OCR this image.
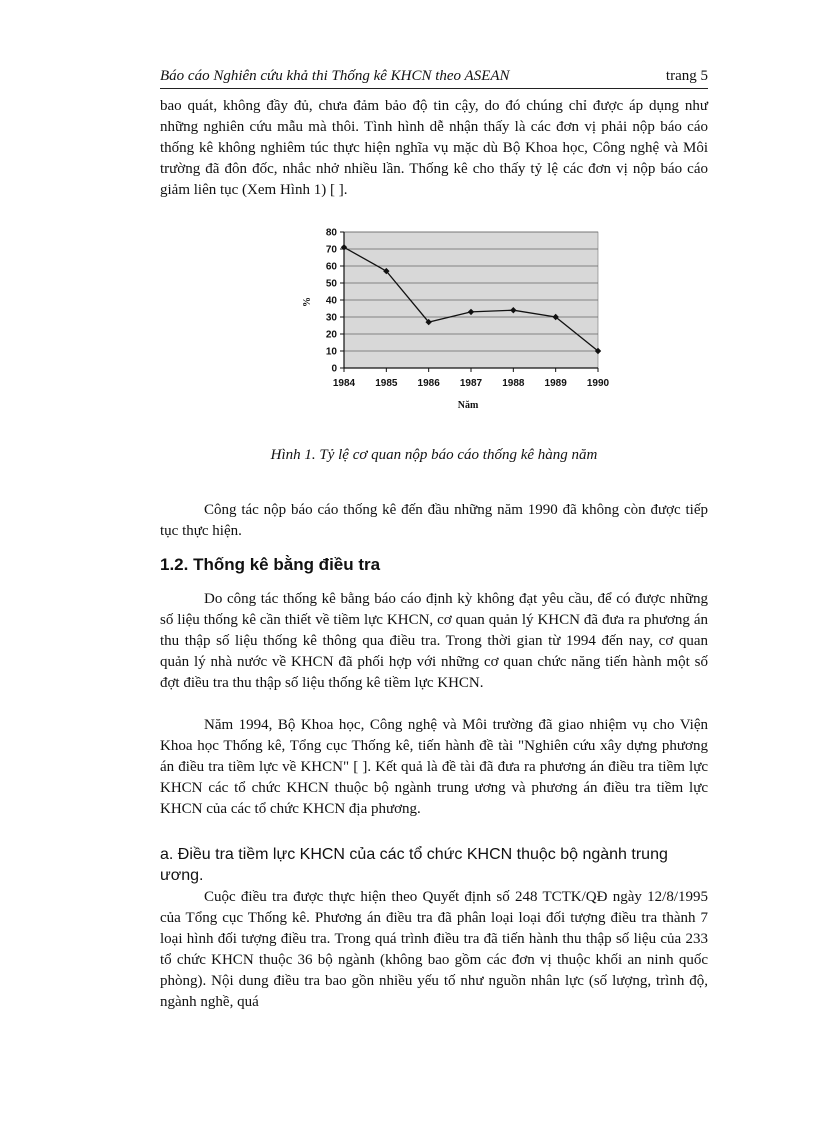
Báo cáo Nghiên cứu khả thi Thống kê KHCN theo ASEAN	trang 5

bao quát, không đầy đủ, chưa đảm bảo độ tin cậy, do đó chúng chỉ được áp dụng như những nghiên cứu mẫu mà thôi. Tình hình dễ nhận thấy là các đơn vị phải nộp báo cáo thống kê không nghiêm túc thực hiện nghĩa vụ mặc dù Bộ Khoa học, Công nghệ và Môi trường đã đôn đốc, nhắc nhở nhiều lần. Thống kê cho thấy tỷ lệ các đơn vị nộp báo cáo giảm liên tục (Xem Hình 1) [ ].

0
10
20
30
40
50
60
70
80
1984 1985 1986 1987 1988 1989 1990
%
Năm
Hình 1. Tỷ lệ cơ quan nộp báo cáo thống kê hàng năm

Công tác nộp báo cáo thống kê đến đầu những năm 1990 đã không còn được tiếp tục thực hiện.

1.2. Thống kê bằng điều tra

Do công tác thống kê bằng báo cáo định kỳ không đạt yêu cầu, để có được những số liệu thống kê cần thiết về tiềm lực KHCN, cơ quan quản lý KHCN đã đưa ra phương án thu thập số liệu thống kê thông qua điều tra. Trong thời gian từ 1994 đến nay, cơ quan quản lý nhà nước về KHCN đã phối hợp với những cơ quan chức năng tiến hành một số đợt điều tra thu thập số liệu thống kê tiềm lực KHCN.

Năm 1994, Bộ Khoa học, Công nghệ và Môi trường đã giao nhiệm vụ cho Viện Khoa học Thống kê, Tổng cục Thống kê, tiến hành đề tài "Nghiên cứu xây dựng phương án điều tra tiềm lực về KHCN" [ ]. Kết quả là đề tài đã đưa ra phương án điều tra tiềm lực KHCN các tổ chức KHCN thuộc bộ ngành trung ương và phương án điều tra tiềm lực KHCN của các tổ chức KHCN địa phương.

a. Điều tra tiềm lực KHCN của các tổ chức KHCN thuộc bộ ngành trung ương.

Cuộc điều tra được thực hiện theo Quyết định số 248 TCTK/QĐ ngày 12/8/1995 của Tổng cục Thống kê. Phương án điều tra đã phân loại loại đối tượng điều tra thành 7 loại hình đối tượng điều tra. Trong quá trình điều tra đã tiến hành thu thập số liệu của 233 tổ chức KHCN thuộc 36 bộ ngành (không bao gồm các đơn vị thuộc khối an ninh quốc phòng). Nội dung điều tra bao gồn nhiều yếu tố như nguồn nhân lực (số lượng, trình độ, ngành nghề, quá
